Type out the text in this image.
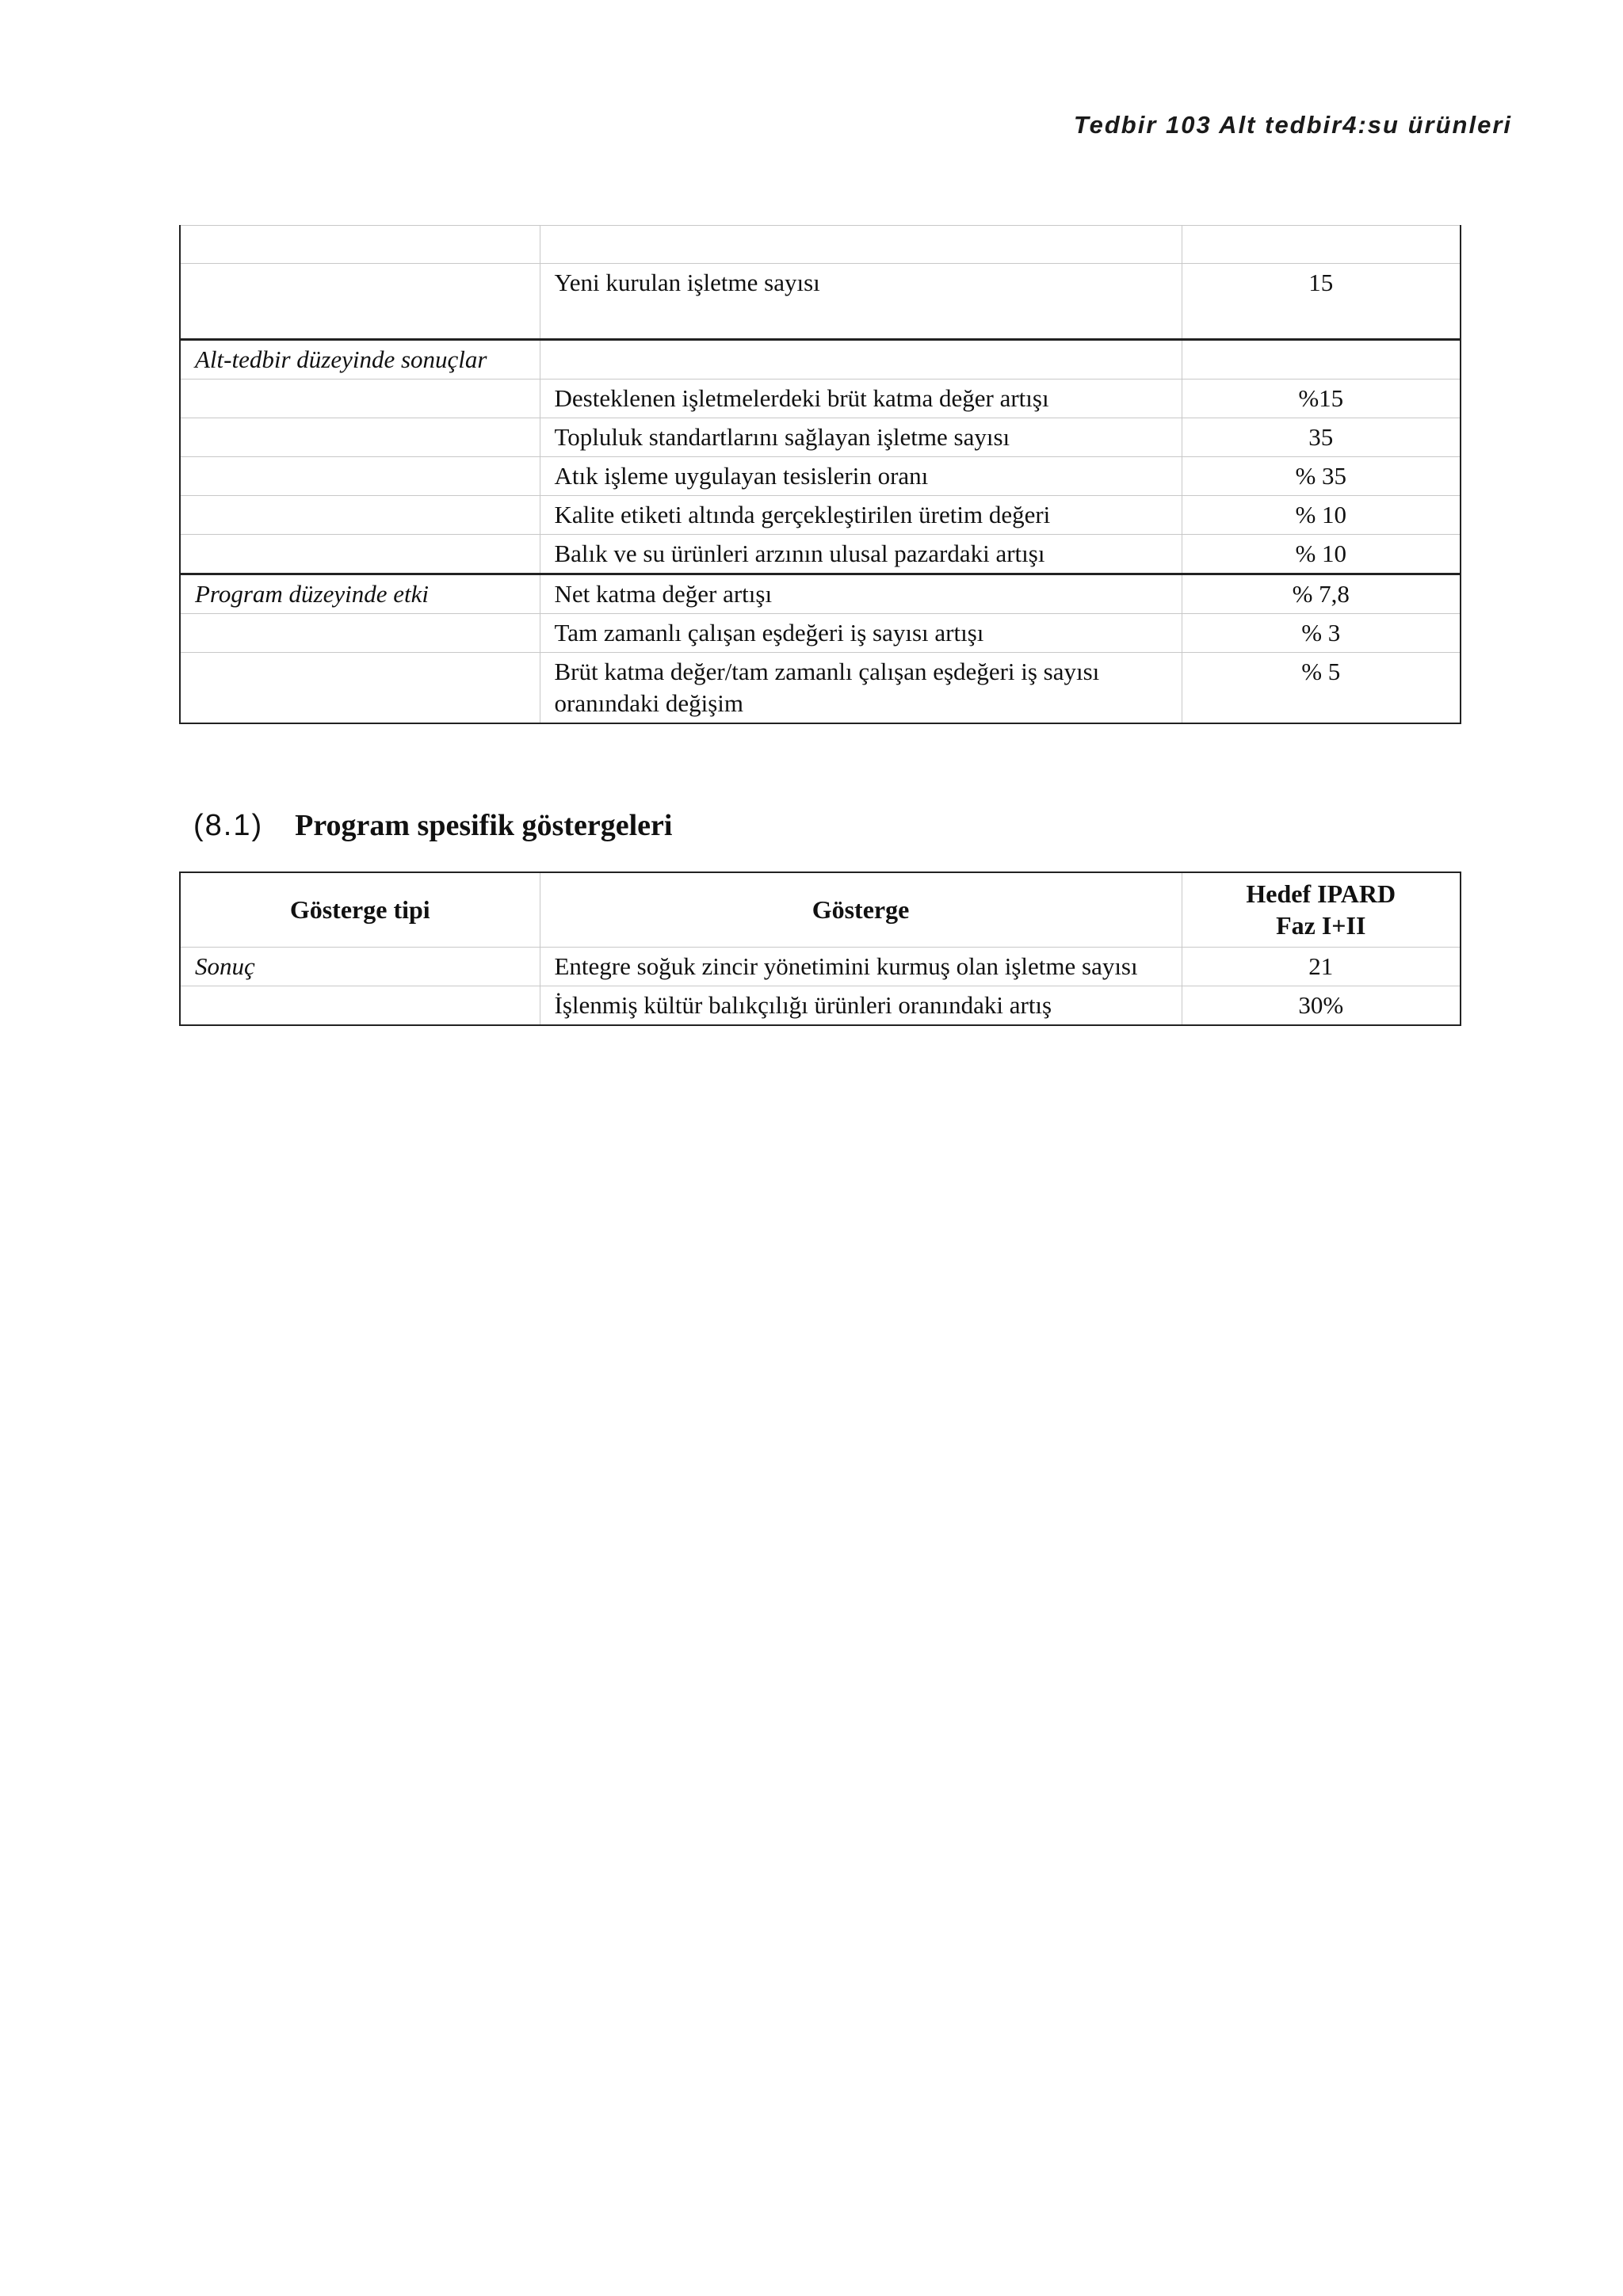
Tedbir 103 Alt tedbir4:su ürünleri

	Yeni kurulan işletme sayısı	15
Alt-tedbir düzeyinde sonuçlar		
	Desteklenen işletmelerdeki brüt katma değer artışı	%15
	Topluluk standartlarını sağlayan işletme sayısı	35
	Atık işleme uygulayan tesislerin oranı	% 35
	Kalite etiketi altında gerçekleştirilen üretim değeri	% 10
	Balık ve su ürünleri arzının ulusal pazardaki artışı	% 10
Program düzeyinde etki	Net katma değer artışı	% 7,8
	Tam zamanlı çalışan eşdeğeri iş sayısı artışı	% 3
	Brüt katma değer/tam zamanlı çalışan eşdeğeri iş sayısı oranındaki değişim	% 5
(8.1) Program spesifik göstergeleri
Gösterge tipi	Gösterge	Hedef IPARD
Faz I+II

Sonuç	Entegre soğuk zincir yönetimini kurmuş olan işletme sayısı	21
	İşlenmiş kültür balıkçılığı ürünleri oranındaki artış	30%
